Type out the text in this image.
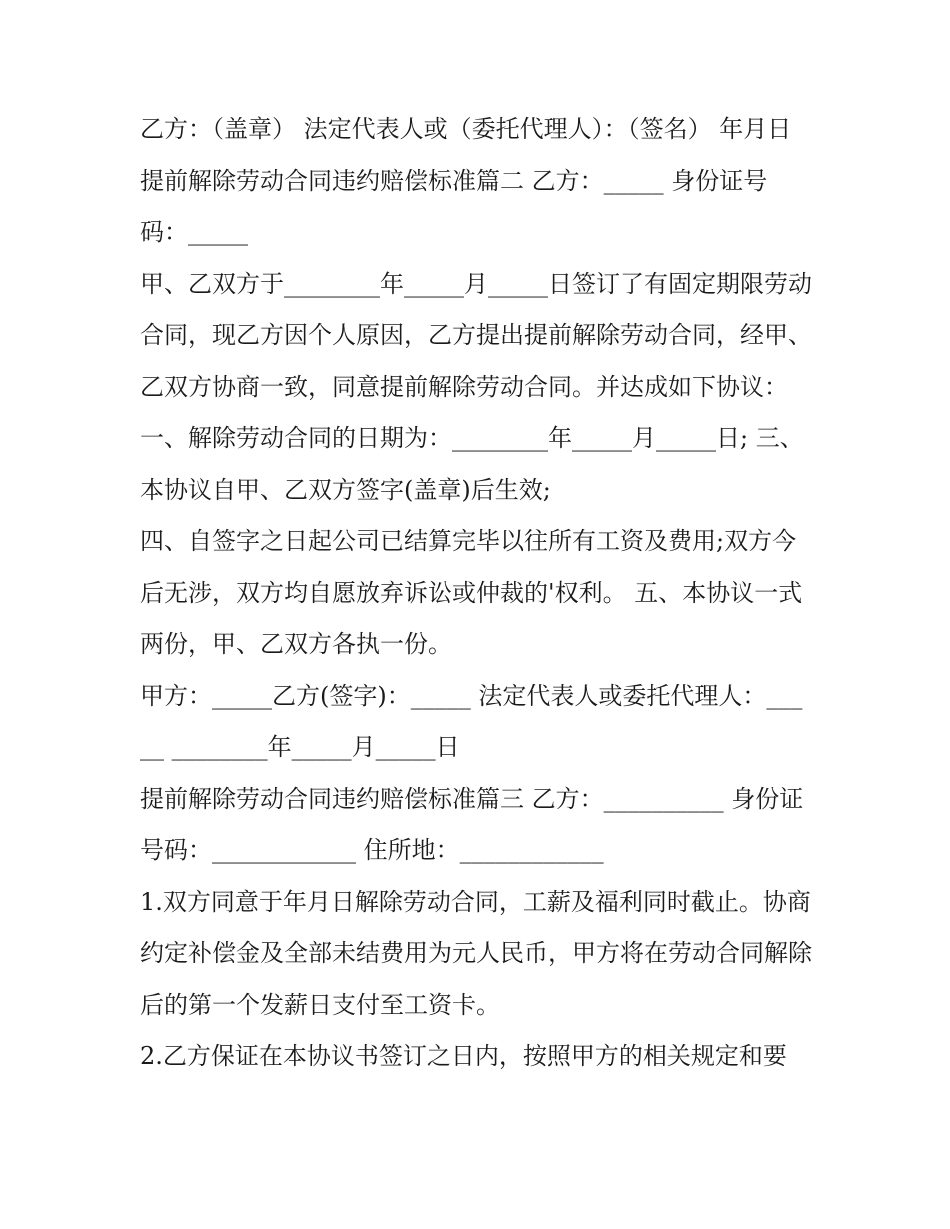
乙方：（盖章） 法定代表人或（委托代理人）：（签名） 年月日 提前解除劳动合同违约赔偿标准篇二 乙方：_____ 身份证号码：_____

甲、乙双方于________年_____月_____日签订了有固定期限劳动合同，现乙方因个人原因，乙方提出提前解除劳动合同，经甲、乙双方协商一致，同意提前解除劳动合同。并达成如下协议：

一、解除劳动合同的日期为：________年_____月_____日; 三、本协议自甲、乙双方签字(盖章)后生效;

四、自签字之日起公司已结算完毕以往所有工资及费用;双方今后无涉，双方均自愿放弃诉讼或仲裁的'权利。 五、本协议一式两份，甲、乙双方各执一份。

甲方：_____乙方(签字)：_____ 法定代表人或委托代理人：_____ ________年_____月_____日

提前解除劳动合同违约赔偿标准篇三 乙方：__________ 身份证号码：____________ 住所地：____________

1.双方同意于年月日解除劳动合同，工薪及福利同时截止。协商约定补偿金及全部未结费用为元人民币，甲方将在劳动合同解除后的第一个发薪日支付至工资卡。

2.乙方保证在本协议书签订之日内，按照甲方的相关规定和要
